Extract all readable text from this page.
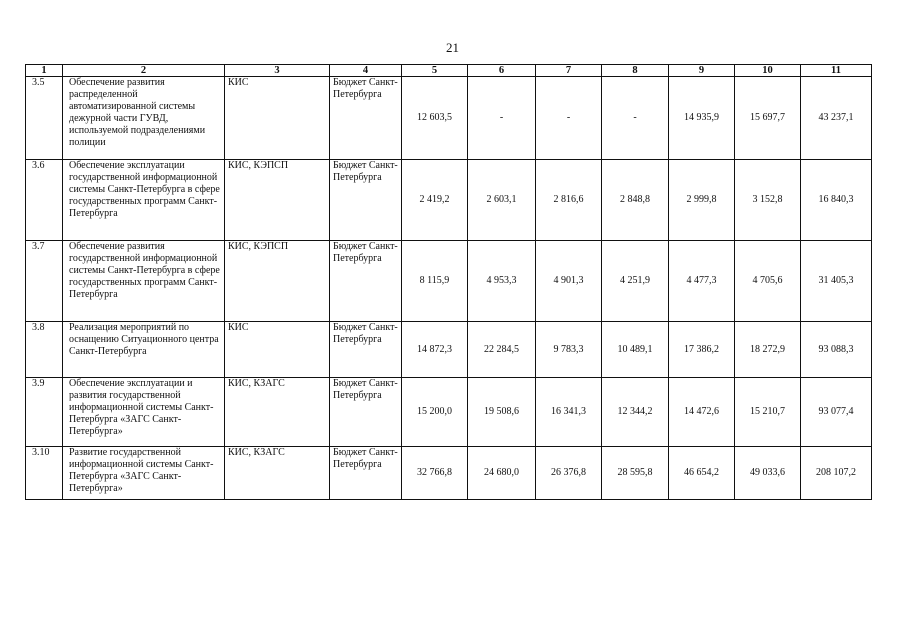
21
1	2	3	4	5	6	7	8	9	10	11
3.5	Обеспечение развития распределенной автоматизированной системы дежурной части ГУВД, используемой подразделениями полиции	КИС	Бюджет Санкт-Петербурга	12 603,5	-	-	-	14 935,9	15 697,7	43 237,1
3.6	Обеспечение эксплуатации государственной информационной системы Санкт-Петербурга в сфере государственных программ Санкт-Петербурга	КИС, КЭПСП	Бюджет Санкт-Петербурга	2 419,2	2 603,1	2 816,6	2 848,8	2 999,8	3 152,8	16 840,3
3.7	Обеспечение развития государственной информационной системы Санкт-Петербурга в сфере государственных программ Санкт-Петербурга	КИС, КЭПСП	Бюджет Санкт-Петербурга	8 115,9	4 953,3	4 901,3	4 251,9	4 477,3	4 705,6	31 405,3
3.8	Реализация мероприятий по оснащению Ситуационного центра Санкт-Петербурга	КИС	Бюджет Санкт-Петербурга	14 872,3	22 284,5	9 783,3	10 489,1	17 386,2	18 272,9	93 088,3
3.9	Обеспечение эксплуатации и развития государственной информационной системы Санкт-Петербурга «ЗАГС Санкт-Петербурга»	КИС, КЗАГС	Бюджет Санкт-Петербурга	15 200,0	19 508,6	16 341,3	12 344,2	14 472,6	15 210,7	93 077,4
3.10	Развитие государственной информационной системы Санкт-Петербурга «ЗАГС Санкт-Петербурга»	КИС, КЗАГС	Бюджет Санкт-Петербурга	32 766,8	24 680,0	26 376,8	28 595,8	46 654,2	49 033,6	208 107,2
